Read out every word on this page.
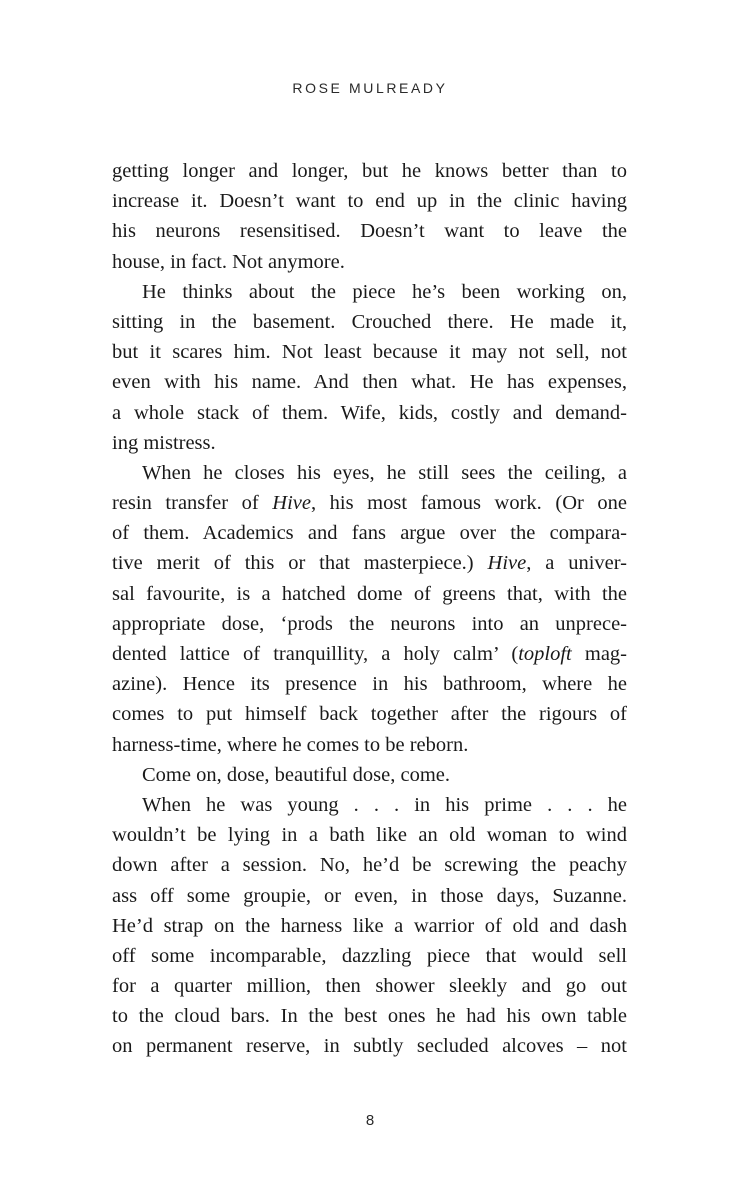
ROSE MULREADY
getting longer and longer, but he knows better than to
increase it. Doesn’t want to end up in the clinic having
his neurons resensitised. Doesn’t want to leave the
house, in fact. Not anymore.
He thinks about the piece he’s been working on,
sitting in the basement. Crouched there. He made it,
but it scares him. Not least because it may not sell, not
even with his name. And then what. He has expenses,
a whole stack of them. Wife, kids, costly and demand-
ing mistress.
When he closes his eyes, he still sees the ceiling, a
resin transfer of Hive, his most famous work. (Or one
of them. Academics and fans argue over the compara-
tive merit of this or that masterpiece.) Hive, a univer-
sal favourite, is a hatched dome of greens that, with the
appropriate dose, ‘prods the neurons into an unprece-
dented lattice of tranquillity, a holy calm’ (toploft mag-
azine). Hence its presence in his bathroom, where he
comes to put himself back together after the rigours of
harness-time, where he comes to be reborn.
Come on, dose, beautiful dose, come.
When he was young . . . in his prime . . . he
wouldn’t be lying in a bath like an old woman to wind
down after a session. No, he’d be screwing the peachy
ass off some groupie, or even, in those days, Suzanne.
He’d strap on the harness like a warrior of old and dash
off some incomparable, dazzling piece that would sell
for a quarter million, then shower sleekly and go out
to the cloud bars. In the best ones he had his own table
on permanent reserve, in subtly secluded alcoves – not
8
